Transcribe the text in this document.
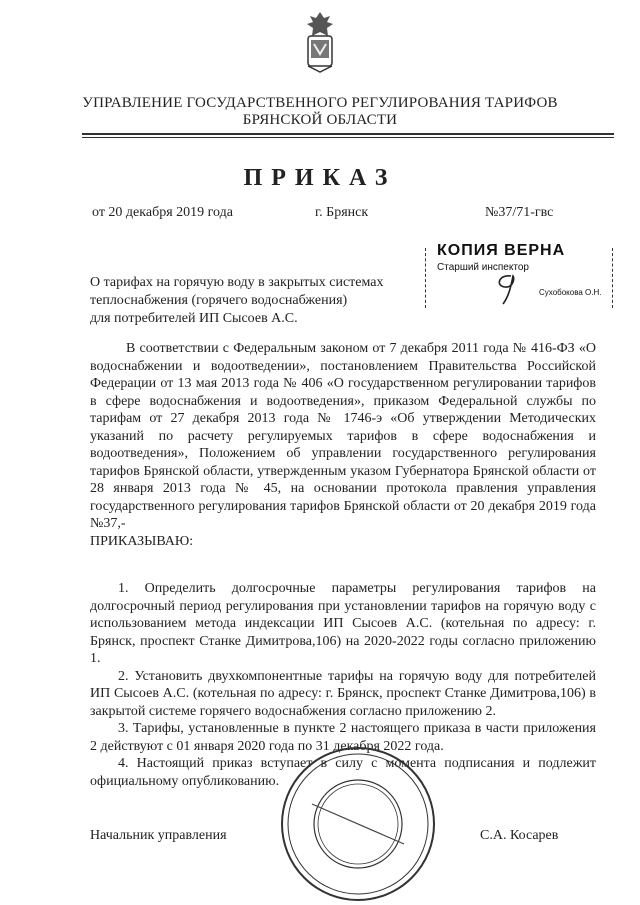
УПРАВЛЕНИЕ ГОСУДАРСТВЕННОГО РЕГУЛИРОВАНИЯ ТАРИФОВ
БРЯНСКОЙ ОБЛАСТИ
ПРИКАЗ
от 20 декабря 2019 года	г. Брянск	№37/71-гвс
О тарифах на горячую воду в закрытых системах
теплоснабжения (горячего водоснабжения)
для потребителей ИП Сысоев А.С.
КОПИЯ ВЕРНА
Старший инспектор
Сухобокова О.Н.

В соответствии с Федеральным законом от 7 декабря 2011 года № 416-ФЗ «О водоснабжении и водоотведении», постановлением Правительства Российской Федерации от 13 мая 2013 года № 406 «О государственном регулировании тарифов в сфере водоснабжения и водоотведения», приказом Федеральной службы по тарифам от 27 декабря 2013 года № 1746-э «Об утверждении Методических указаний по расчету регулируемых тарифов в сфере водоснабжения и водоотведения», Положением об управлении государственного регулирования тарифов Брянской области, утвержденным указом Губернатора Брянской области от 28 января 2013 года № 45, на основании протокола правления управления государственного регулирования тарифов Брянской области от 20 декабря 2019 года №37,-

ПРИКАЗЫВАЮ:

1. Определить долгосрочные параметры регулирования тарифов на долгосрочный период регулирования при установлении тарифов на горячую воду с использованием метода индексации ИП Сысоев А.С. (котельная по адресу: г. Брянск, проспект Станке Димитрова,106) на 2020-2022 годы согласно приложению 1.

2. Установить двухкомпонентные тарифы на горячую воду для потребителей ИП Сысоев А.С. (котельная по адресу: г. Брянск, проспект Станке Димитрова,106) в закрытой системе горячего водоснабжения согласно приложению 2.

3. Тарифы, установленные в пункте 2 настоящего приказа в части приложения 2 действуют с 01 января 2020 года по 31 декабря 2022 года.

4. Настоящий приказ вступает в силу с момента подписания и подлежит официальному опубликованию.

Начальник управления	С.А. Косарев
